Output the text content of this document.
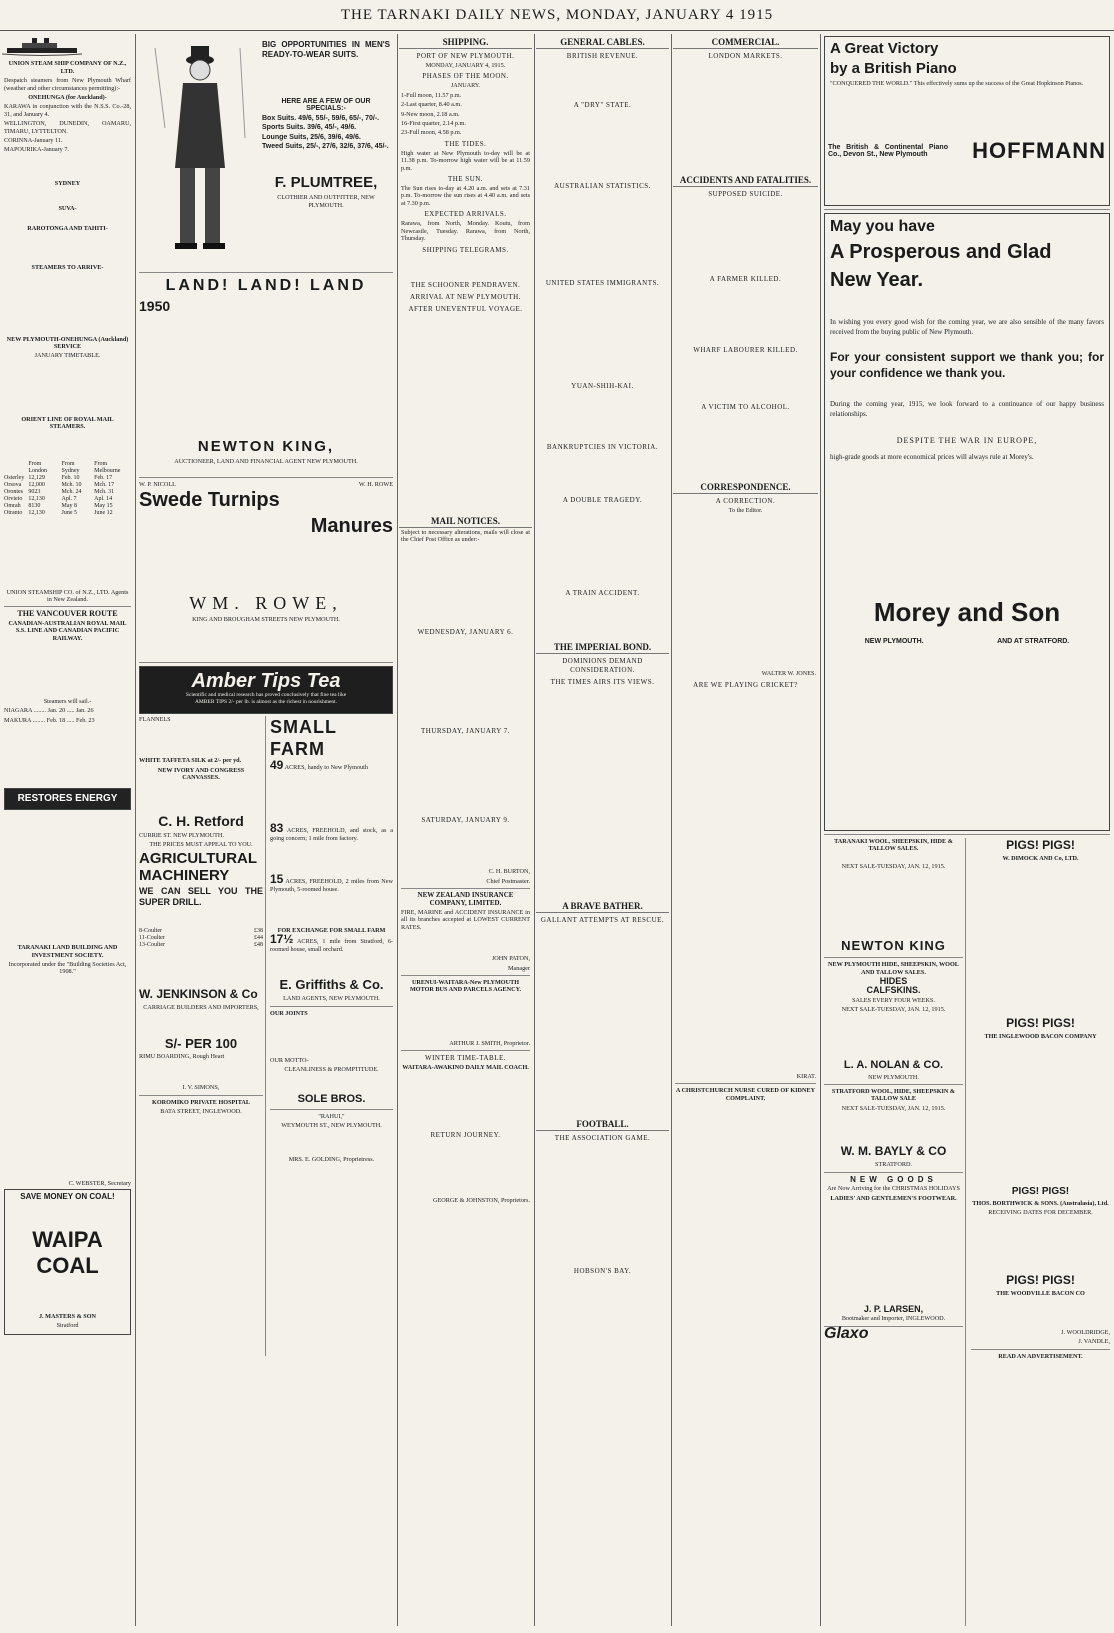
THE TARNAKI DAILY NEWS, MONDAY, JANUARY 4 1915

UNION STEAM SHIP COMPANY OF N.Z., LTD.

Despatch steamers from New Plymouth Wharf (weather and other circumstances permitting):-

ONEHUNGA (for Auckland)-

KARAWA in conjunction with the N.S.S. Co.-28, 31, and January 4.

WELLINGTON, DUNEDIN, OAMARU, TIMARU, LYTTELTON.

CORINNA-January 11.

MAPOURIKA-January 7.

SYDNEY

SUVA-

RAROTONGA AND TAHITI-

STEAMERS TO ARRIVE-

NEW PLYMOUTH-ONEHUNGA (Auckland) SERVICE

JANUARY TIMETABLE.

ORIENT LINE OF ROYAL MAIL STEAMERS.

	From London	From Sydney	From Melbourne
Osterley	12,129	Feb. 10	Feb. 17
Orsova	12,000	Mch. 10	Mch. 17
Orontes	9023	Mch. 24	Mch. 31
Orvieto	12,130	Apl. 7	Apl. 14
Omrah	8130	May 8	May 15
Otranto	12,130	June 5	June 12

UNION STEAMSHIP CO. of N.Z., LTD. Agents in New Zealand.

THE VANCOUVER ROUTE

CANADIAN-AUSTRALIAN ROYAL MAIL S.S. LINE AND CANADIAN PACIFIC RAILWAY.

Steamers will sail.-

NIAGARA ........ Jan. 20 ..... Jan. 26

MAKURA ........ Feb. 18 ..... Feb. 23

RESTORES ENERGY

TARANAKI LAND BUILDING AND INVESTMENT SOCIETY.

Incorporated under the "Building Societies Act, 1908."

C. WEBSTER, Secretary

SAVE MONEY ON COAL!

WAIPA COAL

J. MASTERS & SON

Stratford

BIG OPPORTUNITIES IN MEN'S READY-TO-WEAR SUITS.

HERE ARE A FEW OF OUR SPECIALS:-

Box Suits. 49/6, 55/-, 59/6, 65/-, 70/-.

Sports Suits. 39/6, 45/-, 49/6.

Lounge Suits, 25/6, 39/6, 49/6.

Tweed Suits, 25/-, 27/6, 32/6, 37/6, 45/-.

F. PLUMTREE,

CLOTHIER AND OUTFITTER, NEW PLYMOUTH.

LAND! LAND! LAND

1950

NEWTON KING,

AUCTIONEER, LAND AND FINANCIAL AGENT NEW PLYMOUTH.

W. P. NICOLL	W. H. ROWE

Swede Turnips

Manures

WM. ROWE,

KING AND BROUGHAM STREETS NEW PLYMOUTH.

Amber Tips Tea
Scientific and medical research has proved conclusively that fine tea like
AMBER TIPS 2/- per lb. is almost as the richest in nourishment.

FLANNELS

WHITE TAFFETA SILK at 2/- per yd.

NEW IVORY AND CONGRESS CANVASSES.

C. H. Retford

CURRIE ST. NEW PLYMOUTH.

THE PRICES MUST APPEAL TO YOU.

AGRICULTURAL MACHINERY

WE CAN SELL YOU THE SUPER DRILL.

8-Coulter	£38
11-Coulter	£44
13-Coulter	£48

W. JENKINSON & Co

CARRIAGE BUILDERS AND IMPORTERS,

S/- PER 100

RIMU BOARDING, Rough Heart

I. V. SIMONS,

KOROMIKO PRIVATE HOSPITAL

BATA STREET, INGLEWOOD.

SMALL FARM

49 ACRES, handy to New Plymouth

83 ACRES, FREEHOLD, and stock, as a going concern; 1 mile from factory.

15 ACRES, FREEHOLD, 2 miles from New Plymouth, 5-roomed house.

FOR EXCHANGE FOR SMALL FARM

17½ ACRES, 1 mile from Stratford, 6-roomed house, small orchard.

E. Griffiths & Co.

LAND AGENTS, NEW PLYMOUTH.

OUR JOINTS

OUR MOTTO-

CLEANLINESS & PROMPTITUDE.

SOLE BROS.

"RAHUI,"

WEYMOUTH ST., NEW PLYMOUTH.

MRS. E. GOLDING, Proprietress.

SHIPPING.

PORT OF NEW PLYMOUTH.

MONDAY, JANUARY 4, 1915.

PHASES OF THE MOON.

JANUARY.

1-Full moon, 11.57 p.m.

2-Last quarter, 8.40 a.m.

9-New moon, 2.18 a.m.

16-First quarter, 2.14 p.m.

23-Full moon, 4.58 p.m.

THE TIDES.

High water at New Plymouth to-day will be at 11.38 p.m. To-morrow high water will be at 11.59 p.m.

THE SUN.

The Sun rises to-day at 4.20 a.m. and sets at 7.31 p.m. To-morrow the sun rises at 4.40 a.m. and sets at 7.30 p.m.

EXPECTED ARRIVALS.

Rarawa, from North, Monday. Koutu, from Newcastle, Tuesday. Rarawa, from North, Thursday.

SHIPPING TELEGRAMS.

THE SCHOONER PENDRAVEN.

ARRIVAL AT NEW PLYMOUTH.

AFTER UNEVENTFUL VOYAGE.

MAIL NOTICES.

Subject to necessary alterations, mails will close at the Chief Post Office as under:-

WEDNESDAY, JANUARY 6.

THURSDAY, JANUARY 7.

SATURDAY, JANUARY 9.

C. H. BURTON,

Chief Postmaster.

NEW ZEALAND INSURANCE COMPANY, LIMITED.

FIRE, MARINE and ACCIDENT INSURANCE in all its branches accepted at LOWEST CURRENT RATES.

JOHN PATON,

Manager

URENUI-WAITARA-New PLYMOUTH MOTOR BUS AND PARCELS AGENCY.

ARTHUR J. SMITH, Proprietor.

WINTER TIME-TABLE.

WAITARA-AWAKINO DAILY MAIL COACH.

RETURN JOURNEY.

GEORGE & JOHNSTON, Proprietors.

GENERAL CABLES.

BRITISH REVENUE.

A "DRY" STATE.

AUSTRALIAN STATISTICS.

UNITED STATES IMMIGRANTS.

YUAN-SHIH-KAI.

BANKRUPTCIES IN VICTORIA.

A DOUBLE TRAGEDY.

A TRAIN ACCIDENT.

THE IMPERIAL BOND.

DOMINIONS DEMAND CONSIDERATION.

THE TIMES AIRS ITS VIEWS.

A BRAVE BATHER.

GALLANT ATTEMPTS AT RESCUE.

FOOTBALL.

THE ASSOCIATION GAME.

HOBSON'S BAY.

COMMERCIAL.

LONDON MARKETS.

ACCIDENTS AND FATALITIES.

SUPPOSED SUICIDE.

A FARMER KILLED.

WHARF LABOURER KILLED.

A VICTIM TO ALCOHOL.

CORRESPONDENCE.

A CORRECTION.

To the Editor.

WALTER W. JONES.

ARE WE PLAYING CRICKET?

KIRAT.

A CHRISTCHURCH NURSE CURED OF KIDNEY COMPLAINT.

A Great Victory

by a British Piano

"CONQUERED THE WORLD." This effectively sums up the success of the Great Hopkinson Pianos.

The British & Continental Piano Co., Devon St., New Plymouth	HOFFMANN

May you have

A Prosperous and Glad

New Year.

In wishing you every good wish for the coming year, we are also sensible of the many favors received from the buying public of New Plymouth.

For your consistent support we thank you; for your confidence we thank you.

During the coming year, 1915, we look forward to a continuance of our happy business relationships.

DESPITE THE WAR IN EUROPE,

high-grade goods at more economical prices will always rule at Morey's.

Morey and Son

NEW PLYMOUTH.	AND AT STRATFORD.

TARANAKI WOOL, SHEEPSKIN, HIDE & TALLOW SALES.

NEXT SALE-TUESDAY, JAN. 12, 1915.

NEWTON KING

NEW PLYMOUTH HIDE, SHEEPSKIN, WOOL AND TALLOW SALES.

HIDES

CALFSKINS.

SALES EVERY FOUR WEEKS.

NEXT SALE-TUESDAY, JAN. 12, 1915.

L. A. NOLAN & CO.

NEW PLYMOUTH.

STRATFORD WOOL, HIDE, SHEEPSKIN & TALLOW SALE

NEXT SALE-TUESDAY, JAN. 12, 1915.

W. M. BAYLY & CO

STRATFORD.

NEW GOODS

Are Now Arriving for the CHRISTMAS HOLIDAYS

LADIES' AND GENTLEMEN'S FOOTWEAR.

J. P. LARSEN,

Bootmaker and Importer, INGLEWOOD.

Glaxo

PIGS! PIGS!

W. DIMOCK AND Co, LTD.

PIGS! PIGS!

THE INGLEWOOD BACON COMPANY

PIGS! PIGS!

THOS. BORTHWICK & SONS. (Australasia), Ltd.

RECEIVING DATES FOR DECEMBER.

PIGS! PIGS!

THE WOODVILLE BACON CO

J. WOOLDRIDGE,

J. VANDLE,

READ AN ADVERTISEMENT.
